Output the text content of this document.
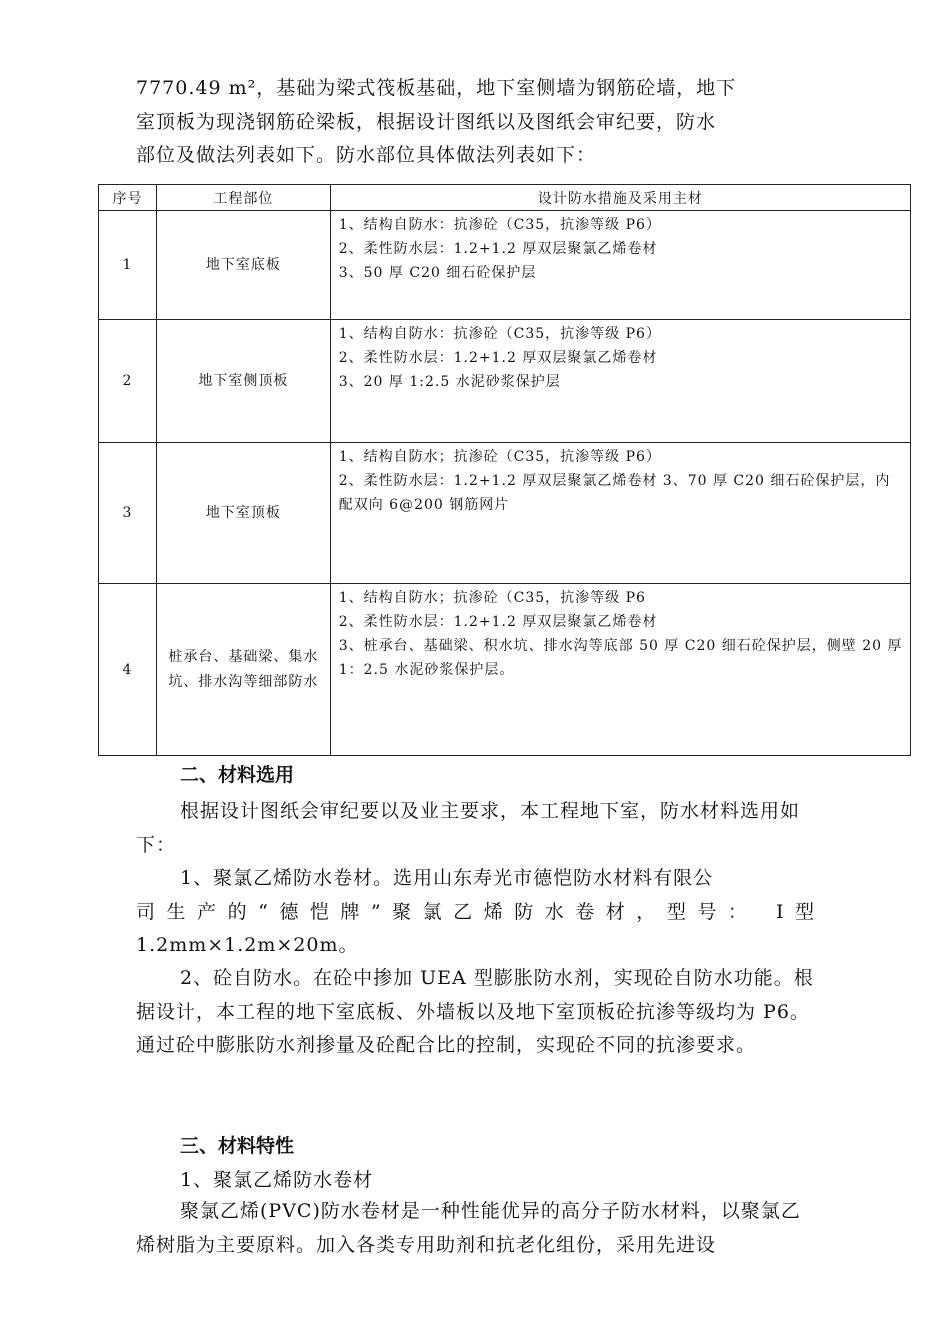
7770.49 m²，基础为梁式筏板基础，地下室侧墙为钢筋砼墙，地下
室顶板为现浇钢筋砼梁板，根据设计图纸以及图纸会审纪要，防水
部位及做法列表如下。防水部位具体做法列表如下：
序号	工程部位	设计防水措施及采用主材
1	地下室底板	1、结构自防水：抗渗砼（C35，抗渗等级 P6）
2、柔性防水层：1.2+1.2 厚双层聚氯乙烯卷材
3、50 厚 C20 细石砼保护层

2	地下室侧顶板	1、结构自防水：抗渗砼（C35，抗渗等级 P6）
2、柔性防水层：1.2+1.2 厚双层聚氯乙烯卷材
3、20 厚 1:2.5 水泥砂浆保护层

3	地下室顶板	1、结构自防水；抗渗砼（C35，抗渗等级 P6）
2、柔性防水层：1.2+1.2 厚双层聚氯乙烯卷材 3、70 厚 C20 细石砼保护层，内配双向 6@200 钢筋网片

4	桩承台、基础梁、集水坑、排水沟等细部防水	1、结构自防水；抗渗砼（C35，抗渗等级 P6
2、柔性防水层：1.2+1.2 厚双层聚氯乙烯卷材
3、桩承台、基础梁、积水坑、排水沟等底部 50 厚 C20 细石砼保护层，侧壁 20 厚 1：2.5 水泥砂浆保护层。
二、材料选用

根据设计图纸会审纪要以及业主要求，本工程地下室，防水材料选用如下：

1、聚氯乙烯防水卷材。选用山东寿光市德恺防水材料有限公
司生产的“德恺牌”聚氯乙烯防水卷材，型号： Ⅰ型
1.2mm×1.2m×20m。

2、砼自防水。在砼中掺加 UEA 型膨胀防水剂，实现砼自防水功能。根据设计，本工程的地下室底板、外墙板以及地下室顶板砼抗渗等级均为 P6。通过砼中膨胀防水剂掺量及砼配合比的控制，实现砼不同的抗渗要求。

三、材料特性
1、聚氯乙烯防水卷材

聚氯乙烯(PVC)防水卷材是一种性能优异的高分子防水材料，以聚氯乙烯树脂为主要原料。加入各类专用助剂和抗老化组份，采用先进设
